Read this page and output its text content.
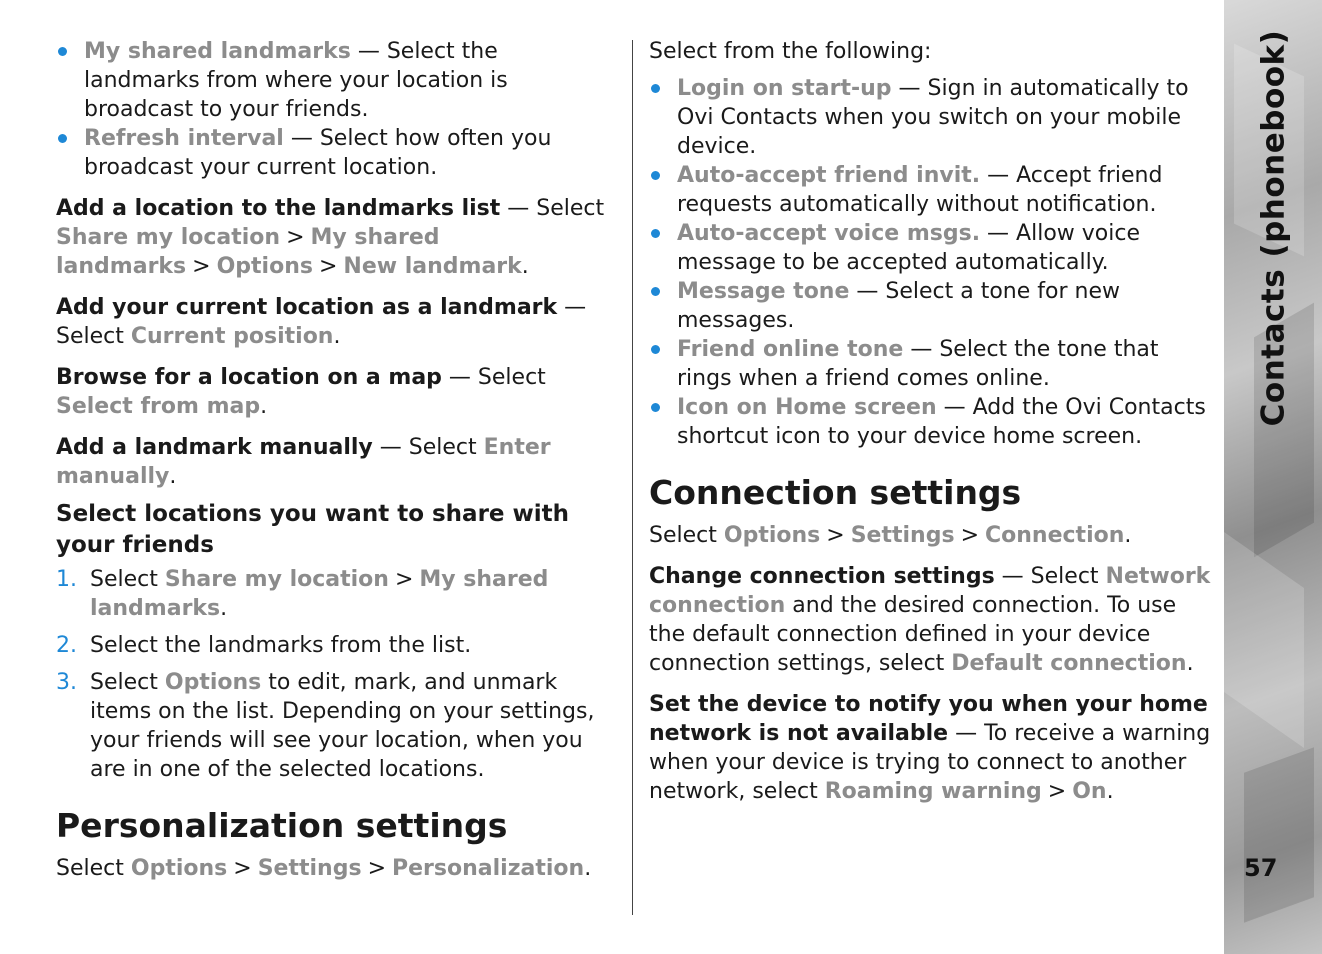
My shared landmarks — Select the landmarks from where your location is broadcast to your friends.
Refresh interval — Select how often you broadcast your current location.

Add a location to the landmarks list — Select Share my location > My shared landmarks > Options > New landmark.

Add your current location as a landmark — Select Current position.

Browse for a location on a map — Select Select from map.

Add a landmark manually — Select Enter manually.

Select locations you want to share with your friends
1. Select Share my location > My shared landmarks.
2. Select the landmarks from the list.
3. Select Options to edit, mark, and unmark items on the list. Depending on your settings, your friends will see your location, when you are in one of the selected locations.
Personalization settings

Select Options > Settings > Personalization.

Select from the following:

Login on start-up — Sign in automatically to Ovi Contacts when you switch on your mobile device.
Auto-accept friend invit. — Accept friend requests automatically without notification.
Auto-accept voice msgs. — Allow voice message to be accepted automatically.
Message tone — Select a tone for new messages.
Friend online tone — Select the tone that rings when a friend comes online.
Icon on Home screen — Add the Ovi Contacts shortcut icon to your device home screen.
Connection settings

Select Options > Settings > Connection.

Change connection settings — Select Network connection and the desired connection. To use the default connection defined in your device connection settings, select Default connection.

Set the device to notify you when your home network is not available — To receive a warning when your device is trying to connect to another network, select Roaming warning > On.

Contacts (phonebook)
57
